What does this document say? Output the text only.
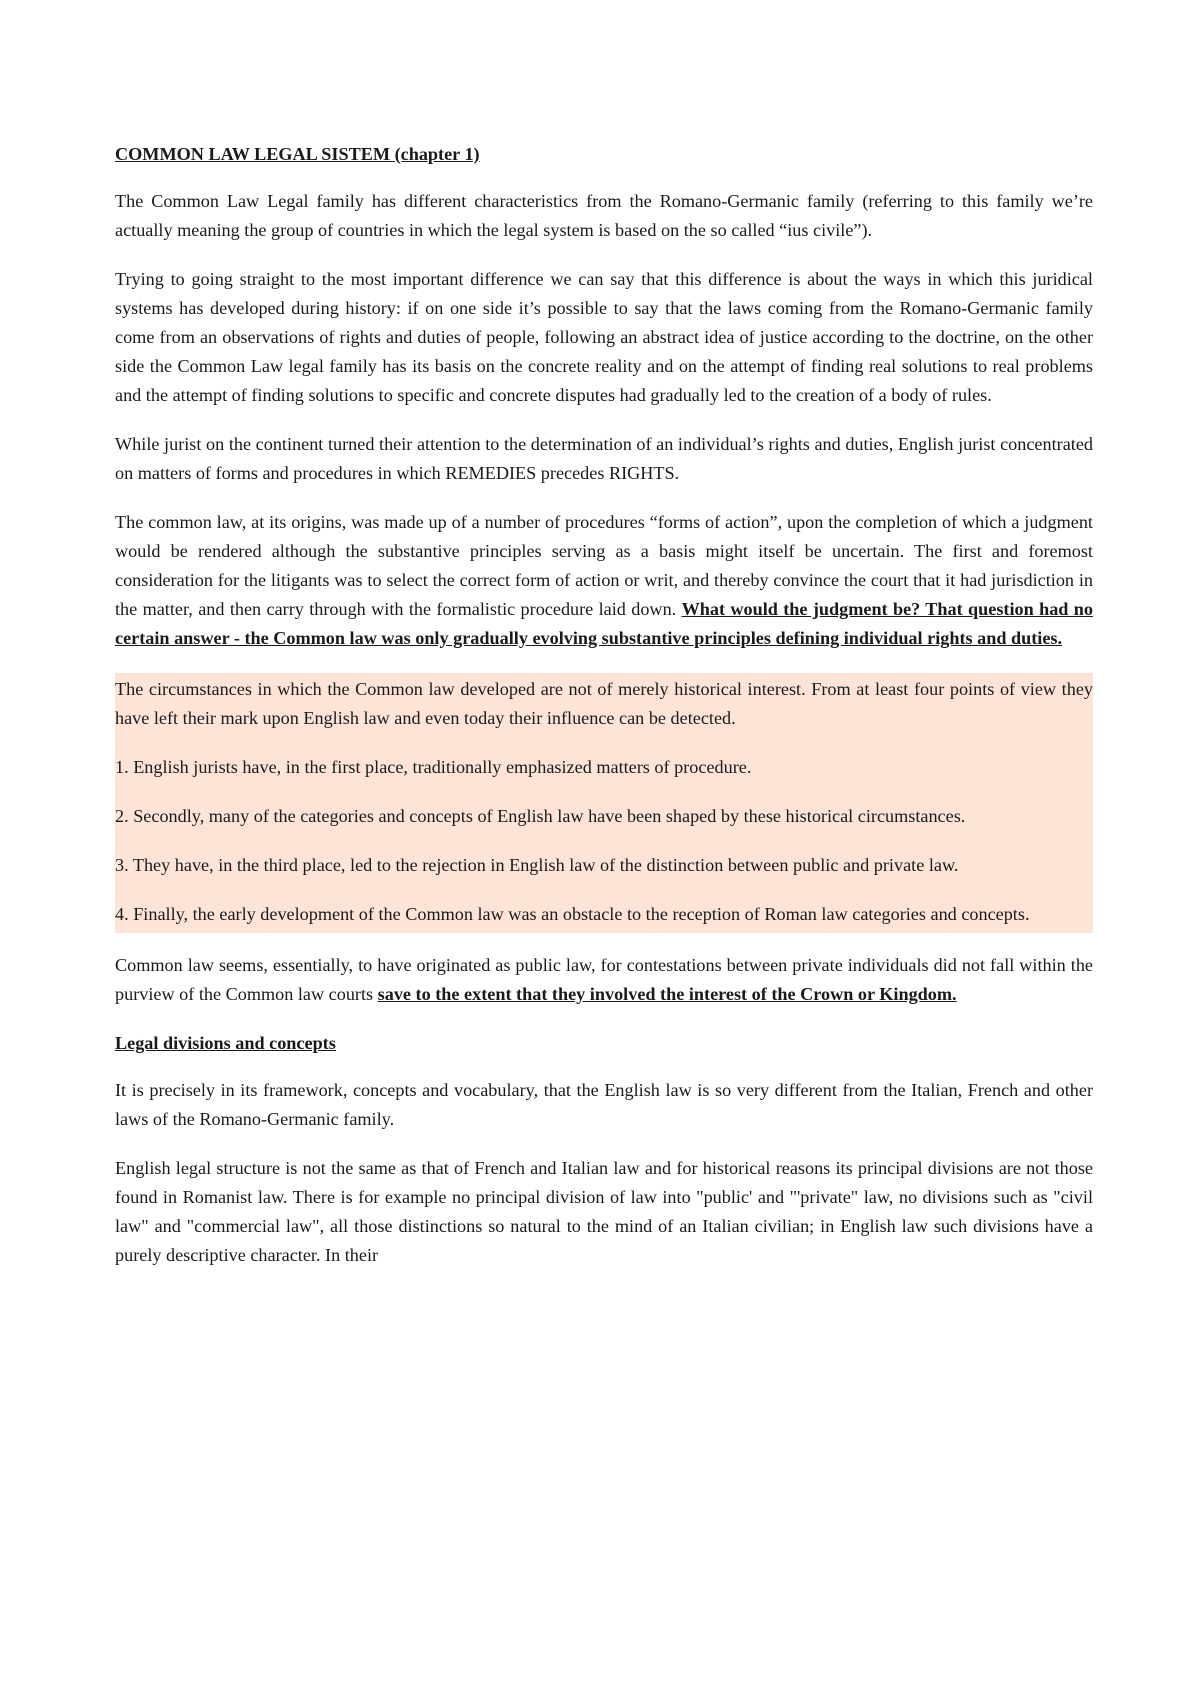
COMMON LAW LEGAL SISTEM (chapter 1)

The Common Law Legal family has different characteristics from the Romano-Germanic family (referring to this family we’re actually meaning the group of countries in which the legal system is based on the so called “ius civile”).

Trying to going straight to the most important difference we can say that this difference is about the ways in which this juridical systems has developed during history: if on one side it’s possible to say that the laws coming from the Romano-Germanic family come from an observations of rights and duties of people, following an abstract idea of justice according to the doctrine, on the other side the Common Law legal family has its basis on the concrete reality and on the attempt of finding real solutions to real problems and the attempt of finding solutions to specific and concrete disputes had gradually led to the creation of a body of rules.

While jurist on the continent turned their attention to the determination of an individual’s rights and duties, English jurist concentrated on matters of forms and procedures in which REMEDIES precedes RIGHTS.

The common law, at its origins, was made up of a number of procedures “forms of action”, upon the completion of which a judgment would be rendered although the substantive principles serving as a basis might itself be uncertain. The first and foremost consideration for the litigants was to select the correct form of action or writ, and thereby convince the court that it had jurisdiction in the matter, and then carry through with the formalistic procedure laid down. What would the judgment be? That question had no certain answer - the Common law was only gradually evolving substantive principles defining individual rights and duties.

The circumstances in which the Common law developed are not of merely historical interest. From at least four points of view they have left their mark upon English law and even today their influence can be detected.

1. English jurists have, in the first place, traditionally emphasized matters of procedure.

2. Secondly, many of the categories and concepts of English law have been shaped by these historical circumstances.

3. They have, in the third place, led to the rejection in English law of the distinction between public and private law.

4. Finally, the early development of the Common law was an obstacle to the reception of Roman law categories and concepts.

Common law seems, essentially, to have originated as public law, for contestations between private individuals did not fall within the purview of the Common law courts save to the extent that they involved the interest of the Crown or Kingdom.

Legal divisions and concepts

It is precisely in its framework, concepts and vocabulary, that the English law is so very different from the Italian, French and other laws of the Romano-Germanic family.

English legal structure is not the same as that of French and Italian law and for historical reasons its principal divisions are not those found in Romanist law. There is for example no principal division of law into "public' and "'private" law, no divisions such as "civil law" and "commercial law", all those distinctions so natural to the mind of an Italian civilian; in English law such divisions have a purely descriptive character. In their
